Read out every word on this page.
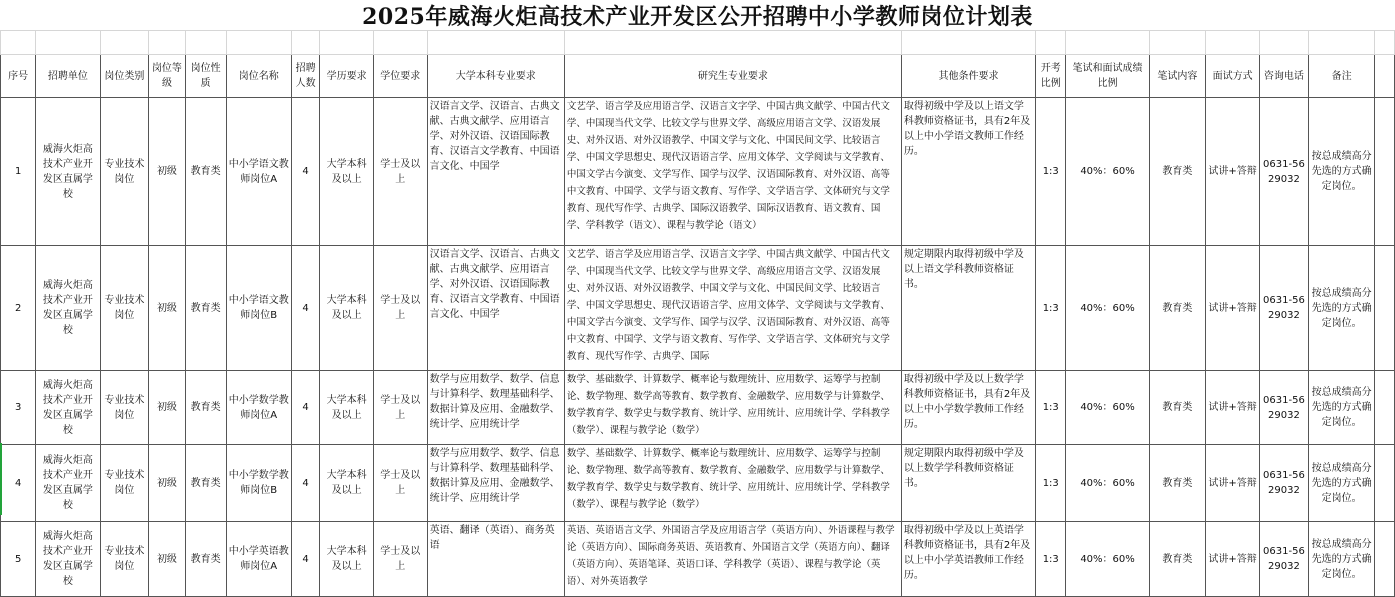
2025年威海火炬高技术产业开发区公开招聘中小学教师岗位计划表

序号	招聘单位	岗位类别	岗位等级	岗位性质	岗位名称	招聘人数	学历要求	学位要求	大学本科专业要求	研究生专业要求	其他条件要求	开考比例	笔试和面试成绩比例	笔试内容	面试方式	咨询电话	备注	
1	威海火炬高技术产业开发区直属学校	专业技术岗位	初级	教育类	中小学语文教师岗位A	4	大学本科及以上	学士及以上	汉语言文学、汉语言、古典文献、古典文献学、应用语言学、对外汉语、汉语国际教育、汉语言文学教育、中国语言文化、中国学	文艺学、语言学及应用语言学、汉语言文字学、中国古典文献学、中国古代文学、中国现当代文学、比较文学与世界文学、高级应用语言文学、汉语发展史、对外汉语、对外汉语教学、中国文学与文化、中国民间文学、比较语言学、中国文学思想史、现代汉语语言学、应用文体学、文学阅读与文学教育、中国文学古今演变、文学写作、国学与汉学、汉语国际教育、对外汉语、高等中文教育、中国学、文学与语文教育、写作学、文学语言学、文体研究与文学教育、现代写作学、古典学、国际汉语教学、国际汉语教育、语文教育、国学、学科教学（语文）、课程与教学论（语文）	取得初级中学及以上语文学科教师资格证书，具有2年及以上中小学语文教师工作经历。	1:3	40%：60%	教育类	试讲+答辩	0631-5629032	按总成绩高分先选的方式确定岗位。	
2	威海火炬高技术产业开发区直属学校	专业技术岗位	初级	教育类	中小学语文教师岗位B	4	大学本科及以上	学士及以上	汉语言文学、汉语言、古典文献、古典文献学、应用语言学、对外汉语、汉语国际教育、汉语言文学教育、中国语言文化、中国学	文艺学、语言学及应用语言学、汉语言文字学、中国古典文献学、中国古代文学、中国现当代文学、比较文学与世界文学、高级应用语言文学、汉语发展史、对外汉语、对外汉语教学、中国文学与文化、中国民间文学、比较语言学、中国文学思想史、现代汉语语言学、应用文体学、文学阅读与文学教育、中国文学古今演变、文学写作、国学与汉学、汉语国际教育、对外汉语、高等中文教育、中国学、文学与语文教育、写作学、文学语言学、文体研究与文学教育、现代写作学、古典学、国际	规定期限内取得初级中学及以上语文学科教师资格证书。	1:3	40%：60%	教育类	试讲+答辩	0631-5629032	按总成绩高分先选的方式确定岗位。	
3	威海火炬高技术产业开发区直属学校	专业技术岗位	初级	教育类	中小学数学教师岗位A	4	大学本科及以上	学士及以上	数学与应用数学、数学、信息与计算科学、数理基础科学、数据计算及应用、金融数学、统计学、应用统计学	数学、基础数学、计算数学、概率论与数理统计、应用数学、运筹学与控制论、数学物理、数学高等教育、数学教育、金融数学、应用数学与计算数学、数学教育学、数学史与数学教育、统计学、应用统计、应用统计学、学科教学（数学）、课程与教学论（数学）	取得初级中学及以上数学学科教师资格证书，具有2年及以上中小学数学教师工作经历。	1:3	40%：60%	教育类	试讲+答辩	0631-5629032	按总成绩高分先选的方式确定岗位。	
4	威海火炬高技术产业开发区直属学校	专业技术岗位	初级	教育类	中小学数学教师岗位B	4	大学本科及以上	学士及以上	数学与应用数学、数学、信息与计算科学、数理基础科学、数据计算及应用、金融数学、统计学、应用统计学	数学、基础数学、计算数学、概率论与数理统计、应用数学、运筹学与控制论、数学物理、数学高等教育、数学教育、金融数学、应用数学与计算数学、数学教育学、数学史与数学教育、统计学、应用统计、应用统计学、学科教学（数学）、课程与教学论（数学）	规定期限内取得初级中学及以上数学学科教师资格证书。	1:3	40%：60%	教育类	试讲+答辩	0631-5629032	按总成绩高分先选的方式确定岗位。	
5	威海火炬高技术产业开发区直属学校	专业技术岗位	初级	教育类	中小学英语教师岗位A	4	大学本科及以上	学士及以上	英语、翻译（英语）、商务英语	英语、英语语言文学、外国语言学及应用语言学（英语方向）、外语课程与教学论（英语方向）、国际商务英语、英语教育、外国语言文学（英语方向）、翻译（英语方向）、英语笔译、英语口译、学科教学（英语）、课程与教学论（英语）、对外英语教学	取得初级中学及以上英语学科教师资格证书，具有2年及以上中小学英语教师工作经历。	1:3	40%：60%	教育类	试讲+答辩	0631-5629032	按总成绩高分先选的方式确定岗位。	
